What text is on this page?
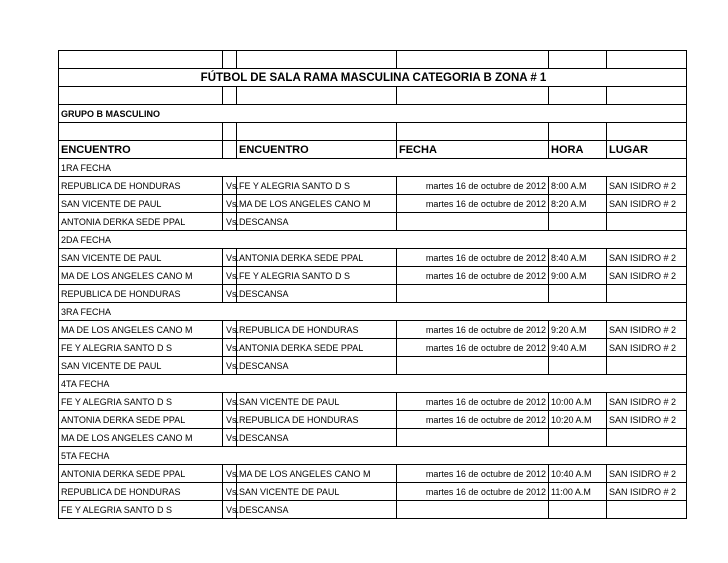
FÚTBOL DE SALA RAMA MASCULINA CATEGORIA B ZONA # 1					

GRUPO B MASCULINO					

ENCUENTRO		ENCUENTRO	FECHA	HORA	LUGAR
1RA FECHA					
REPUBLICA DE HONDURAS	Vs.	FE Y ALEGRIA SANTO D S	martes 16 de octubre de 2012	8:00 A.M	SAN ISIDRO # 2
SAN VICENTE DE PAUL	Vs.	MA DE LOS ANGELES CANO M	martes 16 de octubre de 2012	8:20 A.M	SAN ISIDRO # 2
ANTONIA DERKA SEDE PPAL	Vs.	DESCANSA			
2DA FECHA					
SAN VICENTE DE PAUL	Vs.	ANTONIA DERKA SEDE PPAL	martes 16 de octubre de 2012	8:40 A.M	SAN ISIDRO # 2
MA DE LOS ANGELES CANO M	Vs.	FE Y ALEGRIA SANTO D S	martes 16 de octubre de 2012	9:00 A.M	SAN ISIDRO # 2
REPUBLICA DE HONDURAS	Vs.	DESCANSA			
3RA FECHA					
MA DE LOS ANGELES CANO M	Vs.	REPUBLICA DE HONDURAS	martes 16 de octubre de 2012	9:20 A.M	SAN ISIDRO # 2
FE Y ALEGRIA SANTO D S	Vs.	ANTONIA DERKA SEDE PPAL	martes 16 de octubre de 2012	9:40 A.M	SAN ISIDRO # 2
SAN VICENTE DE PAUL	Vs.	DESCANSA			
4TA FECHA					
FE Y ALEGRIA SANTO D S	Vs.	SAN VICENTE DE PAUL	martes 16 de octubre de 2012	10:00 A.M	SAN ISIDRO # 2
ANTONIA DERKA SEDE PPAL	Vs.	REPUBLICA DE HONDURAS	martes 16 de octubre de 2012	10:20 A.M	SAN ISIDRO # 2
MA DE LOS ANGELES CANO M	Vs.	DESCANSA			
5TA FECHA					
ANTONIA DERKA SEDE PPAL	Vs.	MA DE LOS ANGELES CANO M	martes 16 de octubre de 2012	10:40 A.M	SAN ISIDRO # 2
REPUBLICA DE HONDURAS	Vs.	SAN VICENTE DE PAUL	martes 16 de octubre de 2012	11:00 A.M	SAN ISIDRO # 2
FE Y ALEGRIA SANTO D S	Vs.	DESCANSA			
